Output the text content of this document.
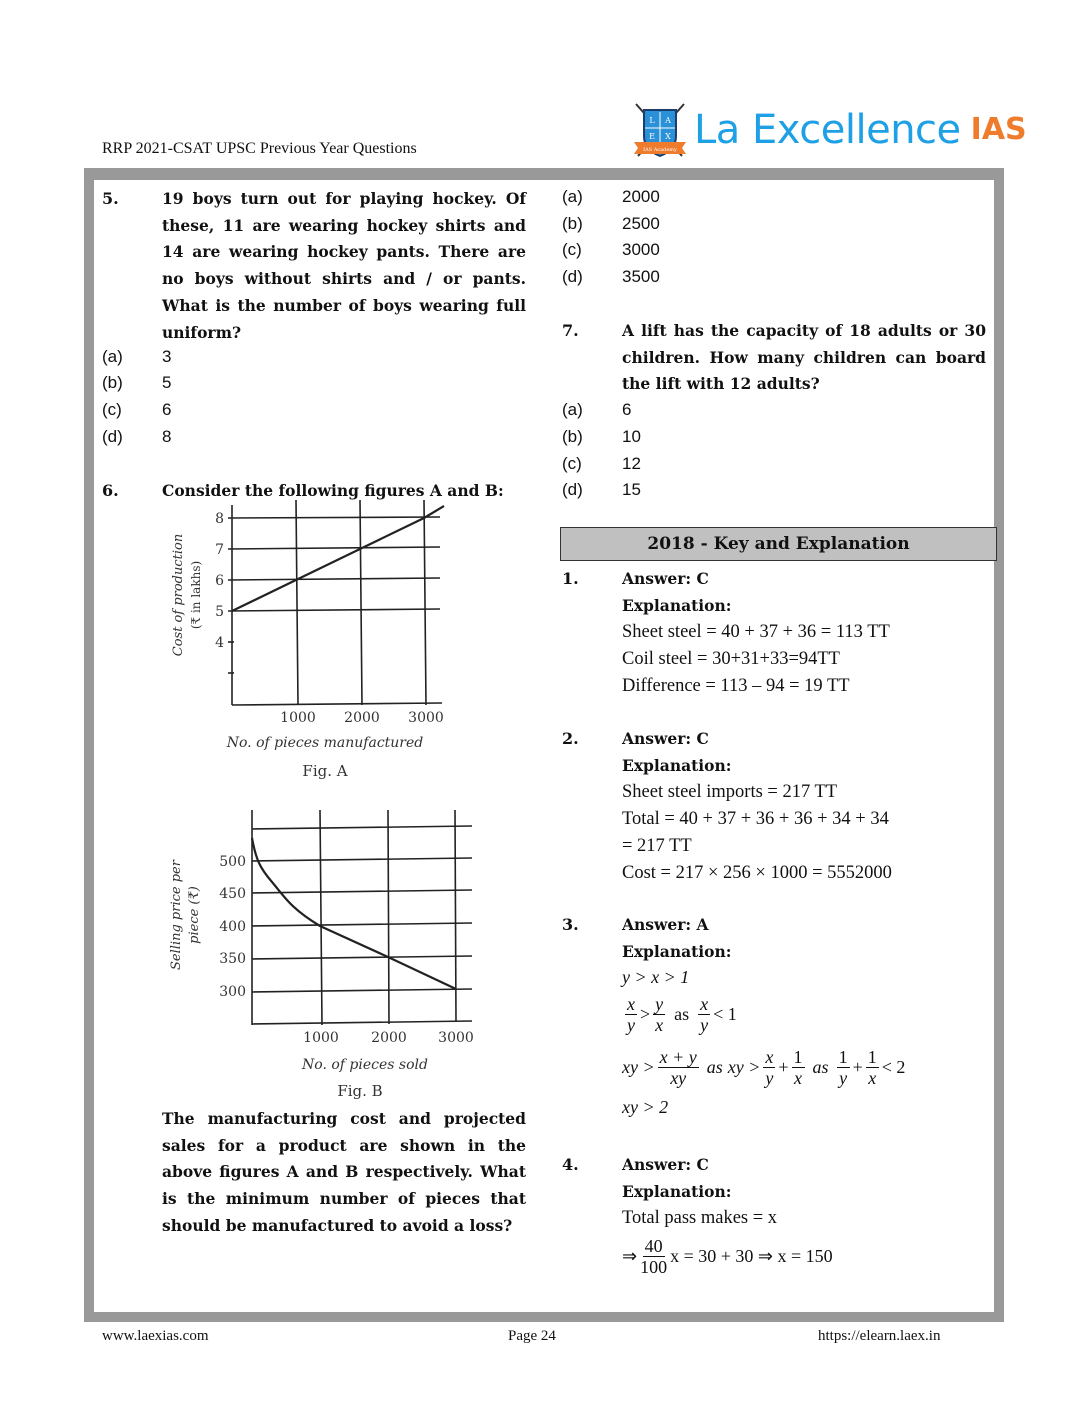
RRP 2021-CSAT UPSC Previous Year Questions
L A
E X
IAS Academy La Excellence IAS
5.	19 boys turn out for playing hockey. Of these, 11 are wearing hockey shirts and 14 are wearing hockey pants. There are no boys without shirts and / or pants. What is the number of boys wearing full uniform?
(a)	3
(b)	5
(c)	6
(d)	8
6.	Consider the following figures A and B:
8
7
6
5
4
1000 2000 3000
No. of pieces manufactured
Fig. A
Cost of production (₹ in lakhs)
500
450
400
350
300
1000 2000 3000
No. of pieces sold
Fig. B
Selling price per piece (₹)
The manufacturing cost and projected sales for a product are shown in the above figures A and B respectively. What is the minimum number of pieces that should be manufactured to avoid a loss?
(a)	2000
(b)	2500
(c)	3000
(d)	3500
7.	A lift has the capacity of 18 adults or 30 children. How many children can board the lift with 12 adults?
(a)	6
(b)	10
(c)	12
(d)	15
2018 - Key and Explanation
1.	Answer: C
Explanation:
Sheet steel = 40 + 37 + 36 = 113 TT
Coil steel = 30+31+33=94TT
Difference = 113 – 94 = 19 TT
2.	Answer: C
Explanation:
Sheet steel imports = 217 TT
Total = 40 + 37 + 36 + 36 + 34 + 34
= 217 TT
Cost = 217 × 256 × 1000 = 5552000
3.	Answer: A
Explanation:
y > x > 1
$\frac{x}{y} > \frac{y}{x}$ as $\frac{x}{y} < 1$
xy > $\frac{x + y}{xy}$ as xy > $\frac{x}{y} + \frac{1}{x}$ as $\frac{1}{y} + \frac{1}{x} < 2$
xy > 2
4.	Answer: C
Explanation:
Total pass makes = x
⇒ $\frac{40}{100}$ x = 30 + 30 ⇒ x = 150
www.laexias.com	Page 24	https://elearn.laex.in
